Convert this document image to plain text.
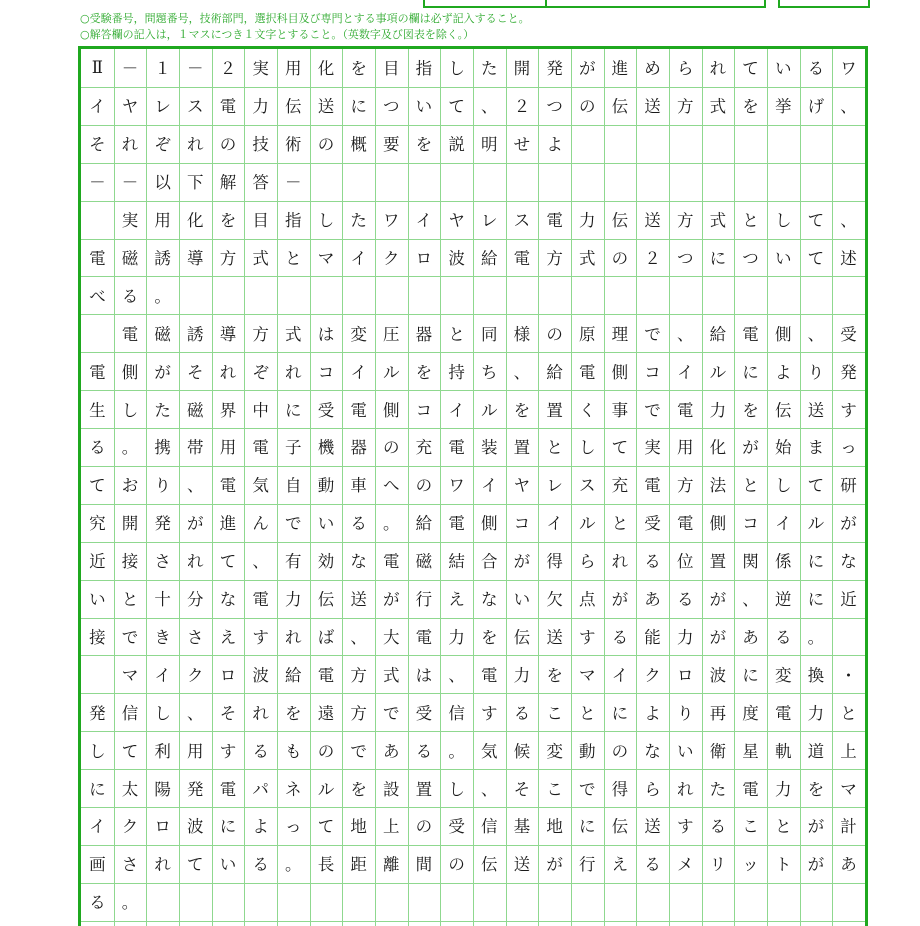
○受験番号，問題番号，技術部門，選択科目及び専門とする事項の欄は必ず記入すること。
○解答欄の記入は，１マスにつき１文字とすること。（英数字及び図表を除く。）
Ⅱ	－ １ － ２ 実 用 化 を 目 指 し た 開 発 が 進 め ら れ て い る ワ
イ ヤ レ ス 電 力 伝 送 に つ い て 、 ２ つ の 伝 送 方 式 を 挙 げ 、
そ れ ぞ れ の 技 術 の 概 要 を 説 明 せ よ
－ － 以 下 解 答 －
実 用 化 を 目 指 し た ワ イ ヤ レ ス 電 力 伝 送 方 式 と し て 、
電 磁 誘 導 方 式 と マ イ ク ロ 波 給 電 方 式 の ２ つ に つ い て 述
べ る 。
電 磁 誘 導 方 式 は 変 圧 器 と 同 様 の 原 理 で 、 給 電 側 、 受
電 側 が そ れ ぞ れ コ イ ル を 持 ち 、 給 電 側 コ イ ル に よ り 発
生 し た 磁 界 中 に 受 電 側 コ イ ル を 置 く 事 で 電 力 を 伝 送 す
る 。 携 帯 用 電 子 機 器 の 充 電 装 置 と し て 実 用 化 が 始 ま っ
て お り 、 電 気 自 動 車 へ の ワ イ ヤ レ ス 充 電 方 法 と し て 研
究 開 発 が 進 ん で い る 。 給 電 側 コ イ ル と 受 電 側 コ イ ル が
近 接 さ れ て 、 有 効 な 電 磁 結 合 が 得 ら れ る 位 置 関 係 に な
い と 十 分 な 電 力 伝 送 が 行 え な い 欠 点 が あ る が 、 逆 に 近
接 で き さ え す れ ば 、 大 電 力 を 伝 送 す る 能 力 が あ る 。
マ イ ク ロ 波 給 電 方 式 は 、 電 力 を マ イ ク ロ 波 に 変 換 ・
発 信 し 、 そ れ を 遠 方 で 受 信 す る こ と に よ り 再 度 電 力 と
し て 利 用 す る も の で あ る 。 気 候 変 動 の な い 衛 星 軌 道 上
に 太 陽 発 電 パ ネ ル を 設 置 し 、 そ こ で 得 ら れ た 電 力 を マ
イ ク ロ 波 に よ っ て 地 上 の 受 信 基 地 に 伝 送 す る こ と が 計
画 さ れ て い る 。 長 距 離 間 の 伝 送 が 行 え る メ リ ッ ト が あ
る 。
